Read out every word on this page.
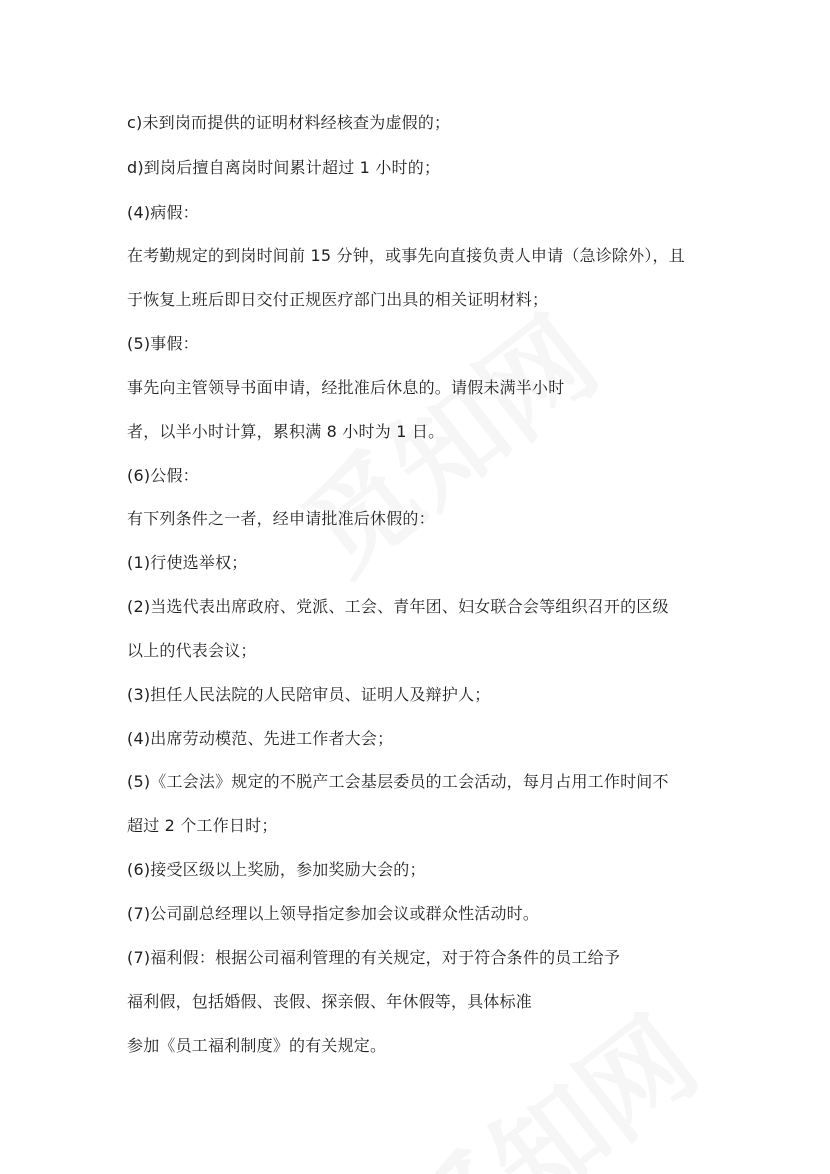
c)未到岗而提供的证明材料经核查为虚假的；

d)到岗后擅自离岗时间累计超过 1 小时的；

(4)病假：

在考勤规定的到岗时间前 15 分钟，或事先向直接负责人申请（急诊除外），且

于恢复上班后即日交付正规医疗部门出具的相关证明材料；

(5)事假：

事先向主管领导书面申请，经批准后休息的。请假未满半小时

者，以半小时计算，累积满 8 小时为 1 日。

(6)公假：

有下列条件之一者，经申请批准后休假的：

(1)行使选举权；

(2)当选代表出席政府、党派、工会、青年团、妇女联合会等组织召开的区级

以上的代表会议；

(3)担任人民法院的人民陪审员、证明人及辩护人；

(4)出席劳动模范、先进工作者大会；

(5)《工会法》规定的不脱产工会基层委员的工会活动，每月占用工作时间不

超过 2 个工作日时；

(6)接受区级以上奖励，参加奖励大会的；

(7)公司副总经理以上领导指定参加会议或群众性活动时。

(7)福利假：根据公司福利管理的有关规定，对于符合条件的员工给予

福利假，包括婚假、丧假、探亲假、年休假等，具体标准

参加《员工福利制度》的有关规定。
